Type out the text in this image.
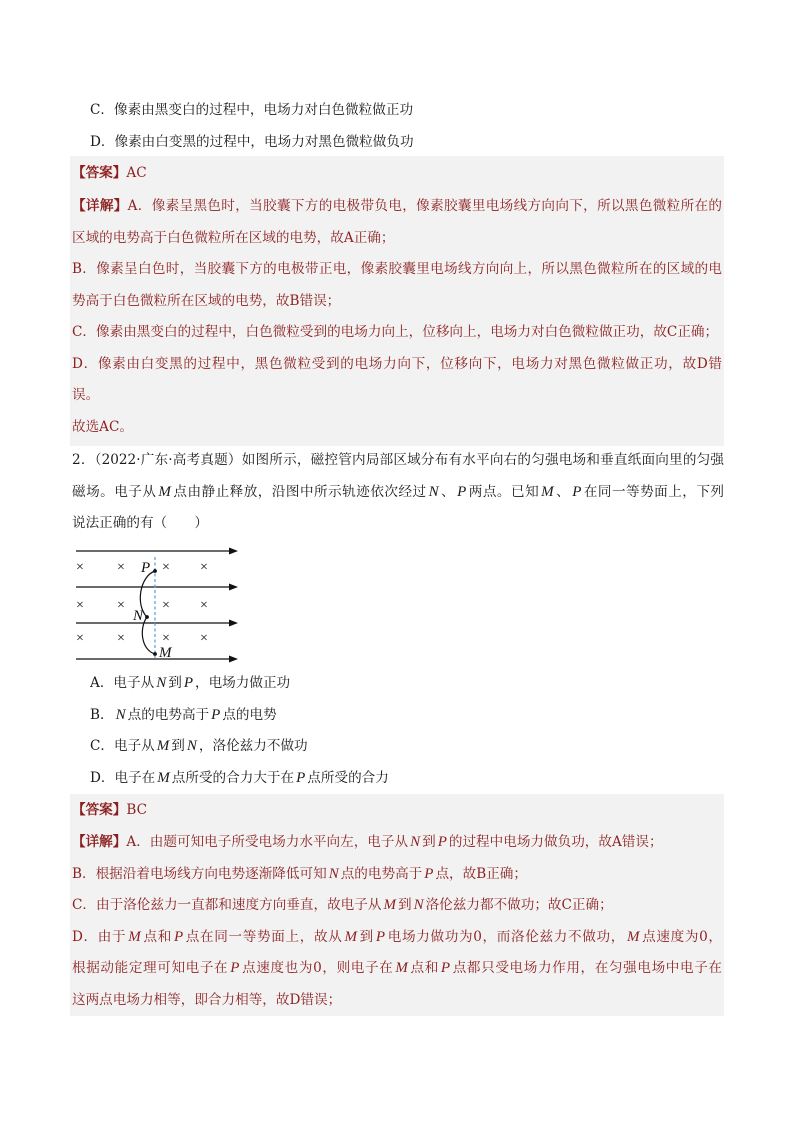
C．像素由黑变白的过程中，电场力对白色微粒做正功
D．像素由白变黑的过程中，电场力对黑色微粒做负功
【答案】AC
【详解】A．像素呈黑色时，当胶囊下方的电极带负电，像素胶囊里电场线方向向下，所以黑色微粒所在的
区域的电势高于白色微粒所在区域的电势，故A正确；
B．像素呈白色时，当胶囊下方的电极带正电，像素胶囊里电场线方向向上，所以黑色微粒所在的区域的电
势高于白色微粒所在区域的电势，故B错误；
C．像素由黑变白的过程中，白色微粒受到的电场力向上，位移向上，电场力对白色微粒做正功，故C正确；
D．像素由白变黑的过程中，黑色微粒受到的电场力向下，位移向下，电场力对黑色微粒做正功，故D错
误。
故选AC。
2．（2022·广东·高考真题）如图所示，磁控管内局部区域分布有水平向右的匀强电场和垂直纸面向里的匀强
磁场。电子从 M 点由静止释放，沿图中所示轨迹依次经过 N 、 P 两点。已知 M 、 P 在同一等势面上，下列
说法正确的有（　　）
× ×	× ×
× ×	× ×
× ×	× ×
P
N
M
A．电子从 N 到 P ，电场力做正功
B． N 点的电势高于 P 点的电势
C．电子从 M 到 N ，洛伦兹力不做功
D．电子在 M 点所受的合力大于在 P 点所受的合力
【答案】BC
【详解】A．由题可知电子所受电场力水平向左，电子从 N 到 P 的过程中电场力做负功，故A错误；
B．根据沿着电场线方向电势逐渐降低可知 N 点的电势高于 P 点，故B正确；
C．由于洛伦兹力一直都和速度方向垂直，故电子从 M 到 N 洛伦兹力都不做功；故C正确；
D．由于 M 点和 P 点在同一等势面上，故从 M 到 P 电场力做功为0，而洛伦兹力不做功， M 点速度为0，
根据动能定理可知电子在 P 点速度也为0，则电子在 M 点和 P 点都只受电场力作用，在匀强电场中电子在
这两点电场力相等，即合力相等，故D错误；
